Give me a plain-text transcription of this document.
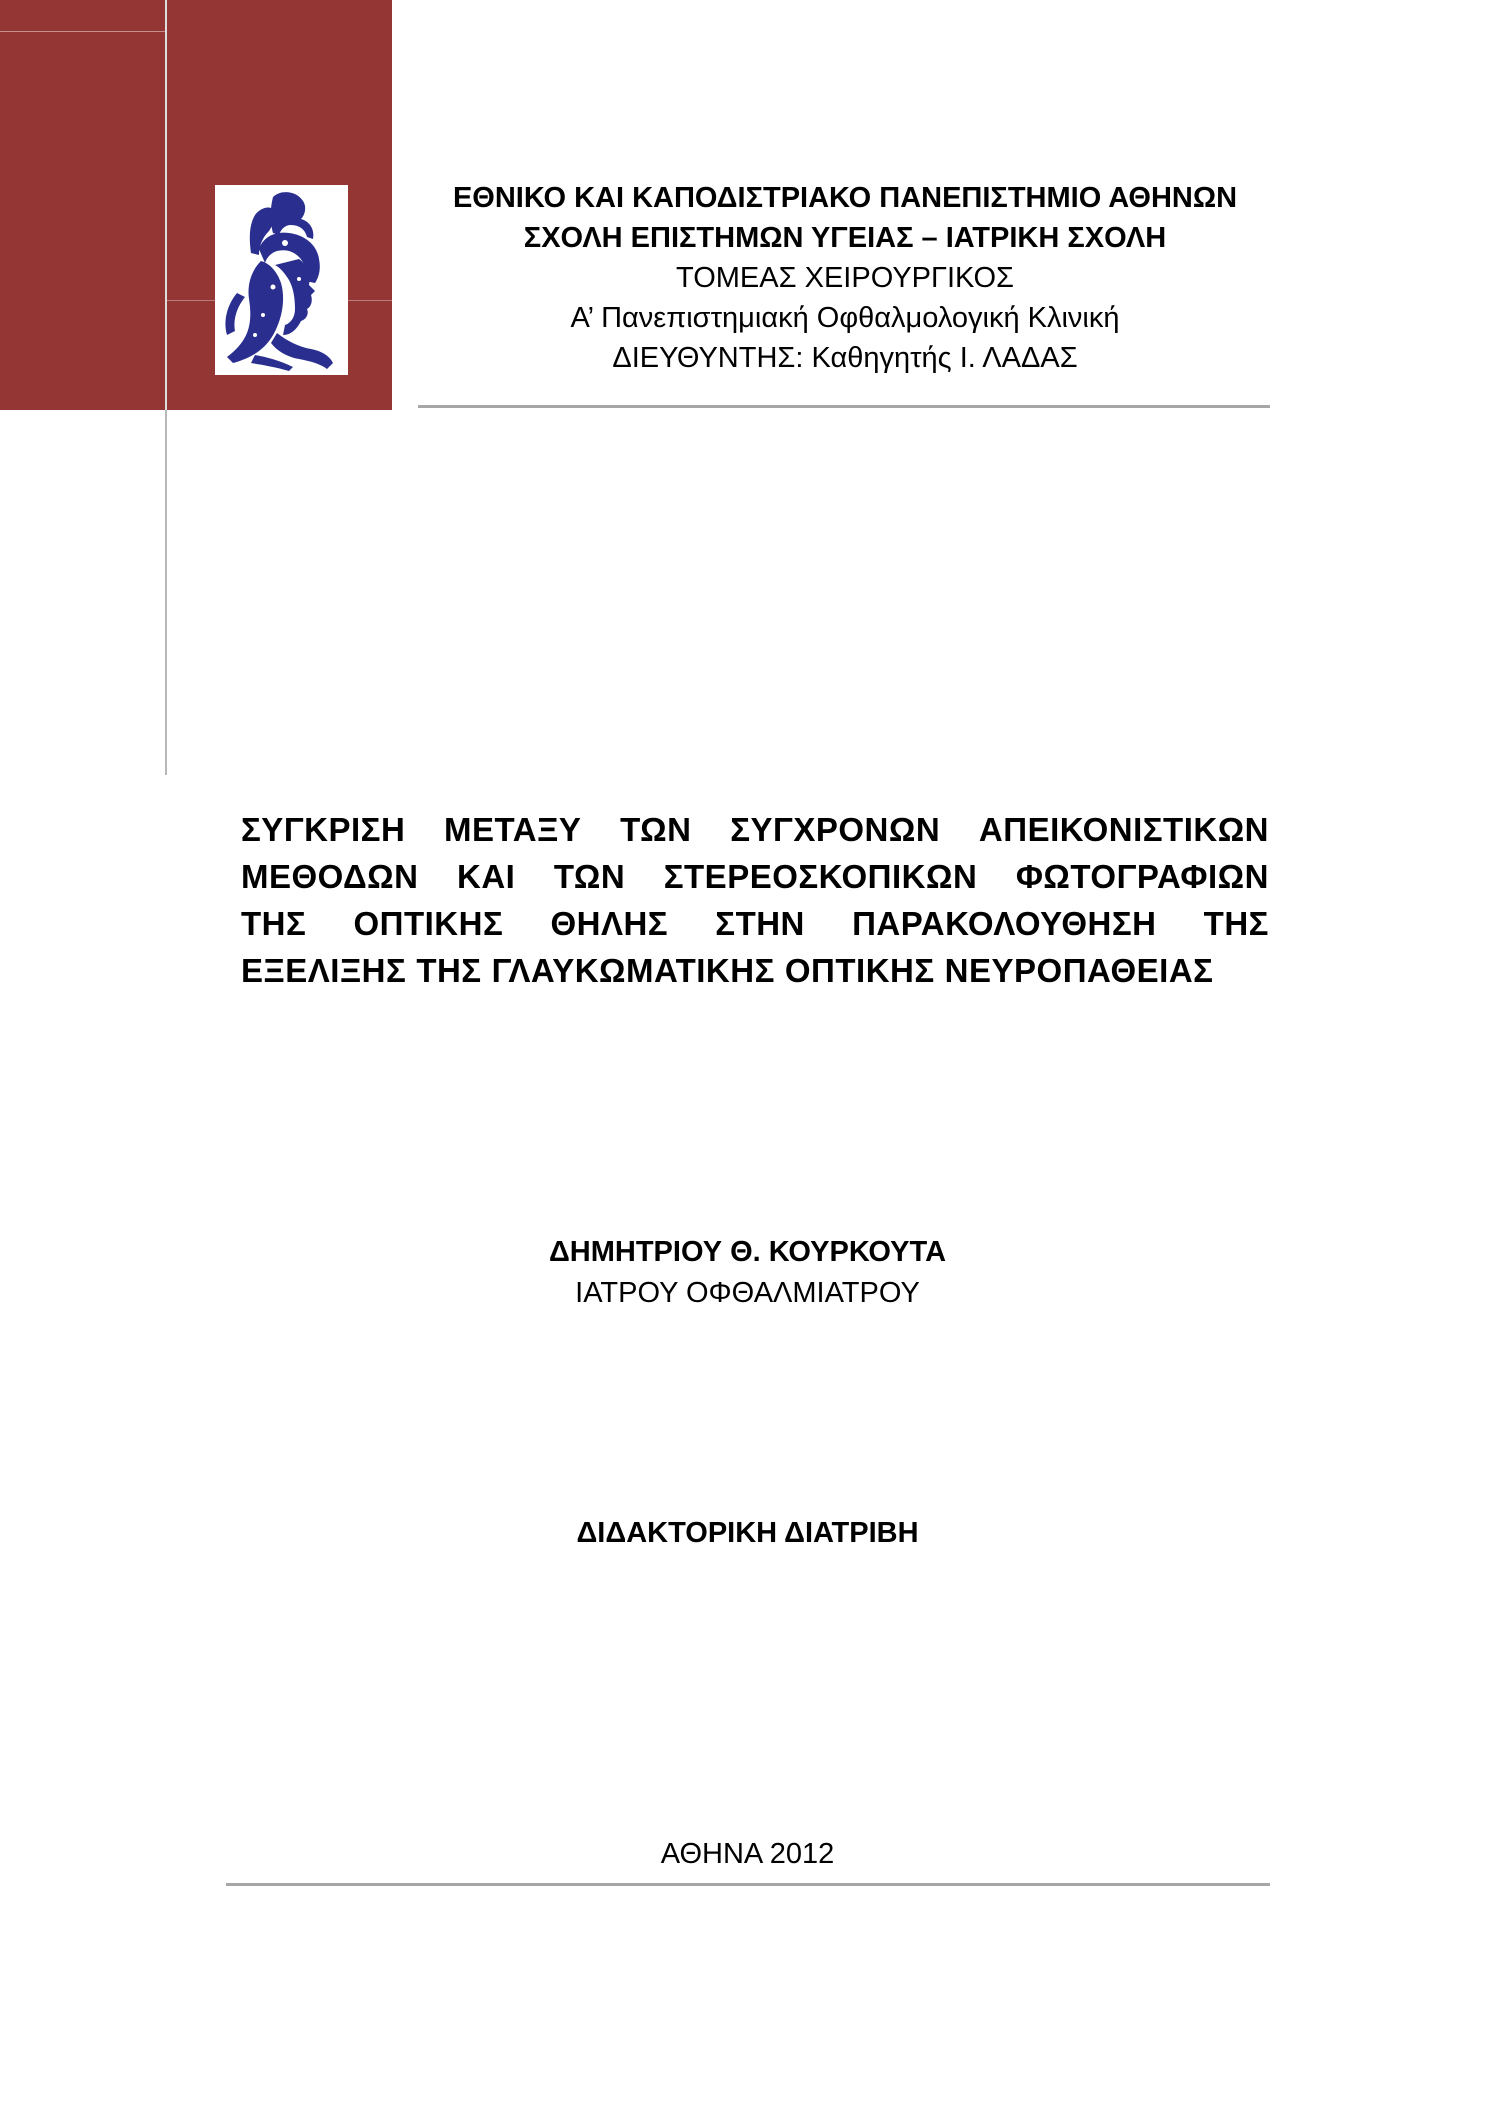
ΕΘΝΙΚΟ ΚΑΙ ΚΑΠΟΔΙΣΤΡΙΑΚΟ ΠΑΝΕΠΙΣΤΗΜΙΟ ΑΘΗΝΩΝ
ΣΧΟΛΗ ΕΠΙΣΤΗΜΩΝ ΥΓΕΙΑΣ – ΙΑΤΡΙΚΗ ΣΧΟΛΗ
ΤΟΜΕΑΣ ΧΕΙΡΟΥΡΓΙΚΟΣ
Α’ Πανεπιστημιακή Οφθαλμολογική Κλινική
ΔΙΕΥΘΥΝΤΗΣ: Καθηγητής Ι. ΛΑΔΑΣ
ΣΥΓΚΡΙΣΗ ΜΕΤΑΞΥ ΤΩΝ ΣΥΓΧΡΟΝΩΝ ΑΠΕΙΚΟΝΙΣΤΙΚΩΝ
ΜΕΘΟΔΩΝ ΚΑΙ ΤΩΝ ΣΤΕΡΕΟΣΚΟΠΙΚΩΝ ΦΩΤΟΓΡΑΦΙΩΝ
ΤΗΣ ΟΠΤΙΚΗΣ ΘΗΛΗΣ ΣΤΗΝ ΠΑΡΑΚΟΛΟΥΘΗΣΗ ΤΗΣ
ΕΞΕΛΙΞΗΣ ΤΗΣ ΓΛΑΥΚΩΜΑΤΙΚΗΣ ΟΠΤΙΚΗΣ ΝΕΥΡΟΠΑΘΕΙΑΣ
ΔΗΜΗΤΡΙΟΥ Θ. ΚΟΥΡΚΟΥΤΑ
ΙΑΤΡΟΥ ΟΦΘΑΛΜΙΑΤΡΟΥ
ΔΙΔΑΚΤΟΡΙΚΗ ΔΙΑΤΡΙΒΗ
ΑΘΗΝΑ 2012
